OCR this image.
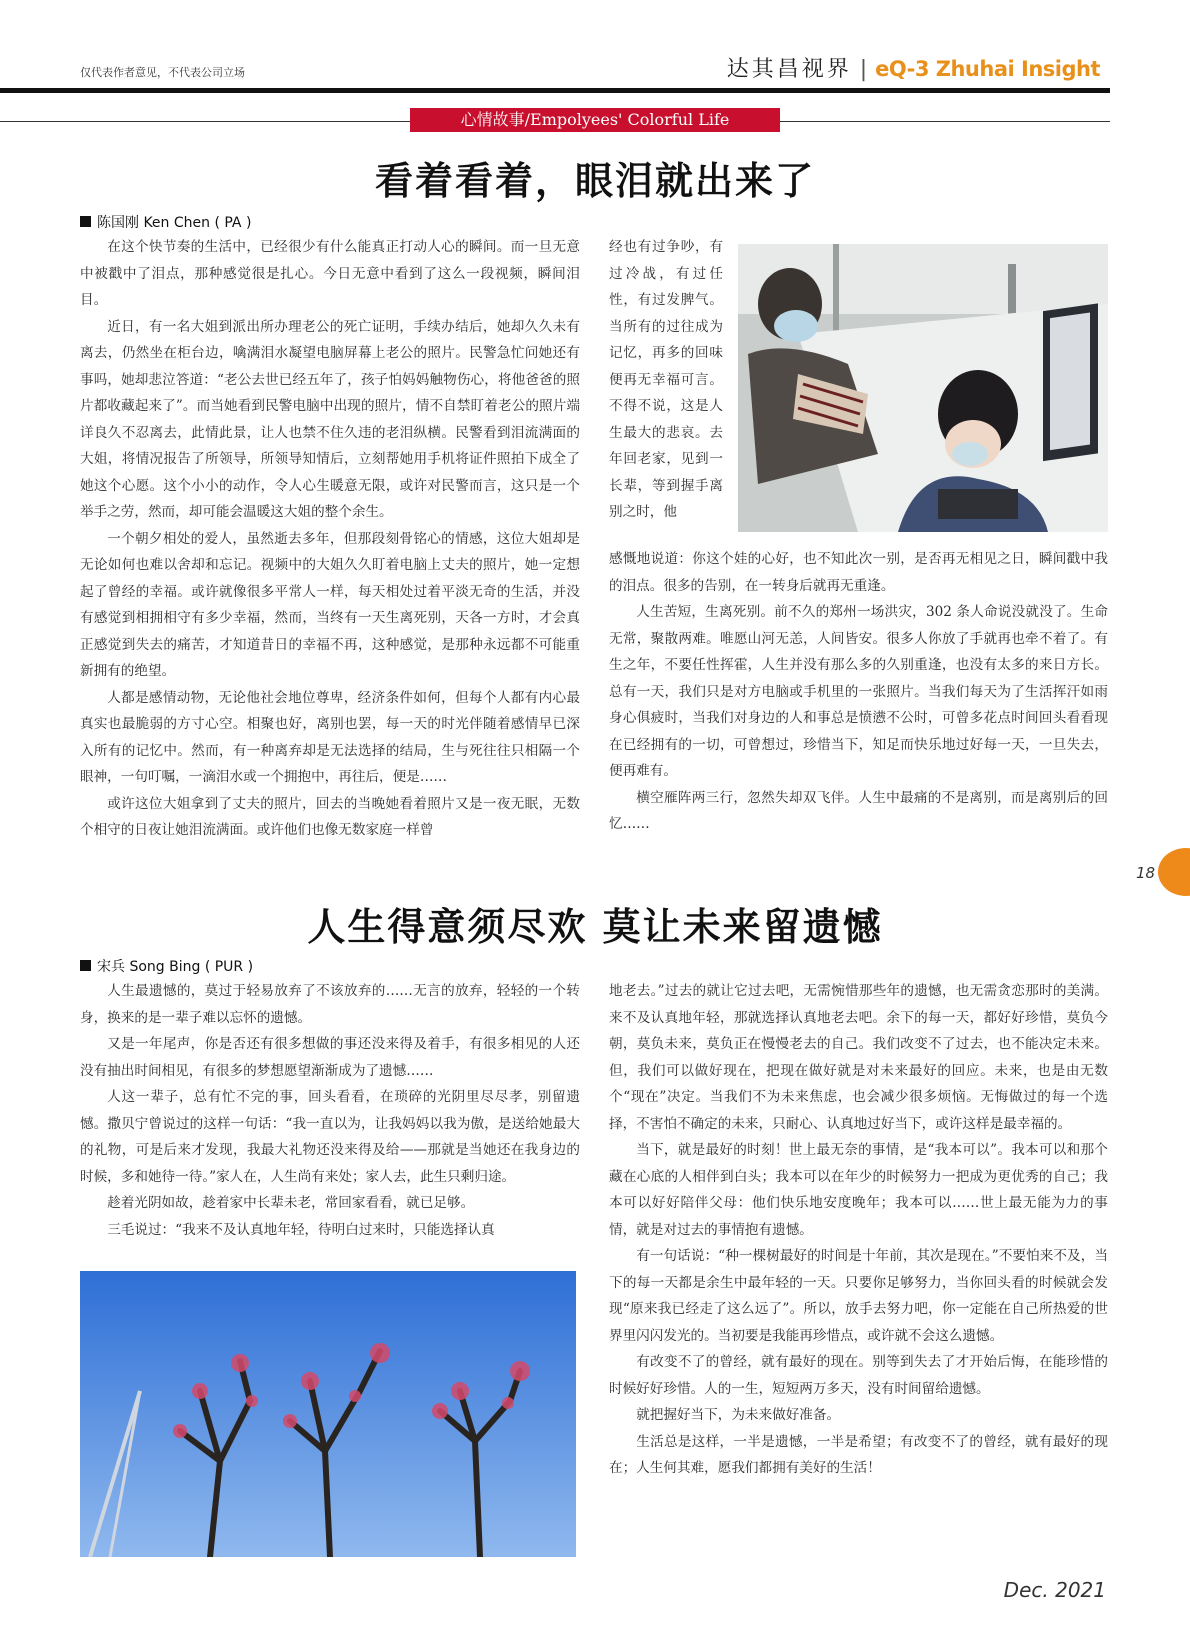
仅代表作者意见，不代表公司立场	达其昌视界 | eQ-3 Zhuhai Insight
心情故事/Empolyees' Colorful Life
看着看着，眼泪就出来了
陈国刚 Ken Chen ( PA )

在这个快节奏的生活中，已经很少有什么能真正打动人心的瞬间。而一旦无意中被戳中了泪点，那种感觉很是扎心。今日无意中看到了这么一段视频，瞬间泪目。

近日，有一名大姐到派出所办理老公的死亡证明，手续办结后，她却久久未有离去，仍然坐在柜台边，噙满泪水凝望电脑屏幕上老公的照片。民警急忙问她还有事吗，她却悲泣答道：“老公去世已经五年了，孩子怕妈妈触物伤心，将他爸爸的照片都收藏起来了”。而当她看到民警电脑中出现的照片，情不自禁盯着老公的照片端详良久不忍离去，此情此景，让人也禁不住久违的老泪纵横。民警看到泪流满面的大姐，将情况报告了所领导，所领导知情后，立刻帮她用手机将证件照拍下成全了她这个心愿。这个小小的动作，令人心生暖意无限，或许对民警而言，这只是一个举手之劳，然而，却可能会温暖这大姐的整个余生。

一个朝夕相处的爱人，虽然逝去多年，但那段刻骨铭心的情感，这位大姐却是无论如何也难以舍却和忘记。视频中的大姐久久盯着电脑上丈夫的照片，她一定想起了曾经的幸福。或许就像很多平常人一样，每天相处过着平淡无奇的生活，并没有感觉到相拥相守有多少幸福，然而，当终有一天生离死别，天各一方时，才会真正感觉到失去的痛苦，才知道昔日的幸福不再，这种感觉，是那种永远都不可能重新拥有的绝望。

人都是感情动物，无论他社会地位尊卑，经济条件如何，但每个人都有内心最真实也最脆弱的方寸心空。相聚也好，离别也罢，每一天的时光伴随着感情早已深入所有的记忆中。然而，有一种离弃却是无法选择的结局，生与死往往只相隔一个眼神，一句叮嘱，一滴泪水或一个拥抱中，再往后，便是……

或许这位大姐拿到了丈夫的照片，回去的当晚她看着照片又是一夜无眠，无数个相守的日夜让她泪流满面。或许他们也像无数家庭一样曾

经也有过争吵，有过冷战，有过任性，有过发脾气。当所有的过往成为记忆，再多的回味便再无幸福可言。不得不说，这是人生最大的悲哀。去年回老家，见到一长辈，等到握手离别之时，他

感慨地说道：你这个娃的心好，也不知此次一别，是否再无相见之日，瞬间戳中我的泪点。很多的告别，在一转身后就再无重逢。

人生苦短，生离死别。前不久的郑州一场洪灾，302 条人命说没就没了。生命无常，聚散两难。唯愿山河无恙，人间皆安。很多人你放了手就再也牵不着了。有生之年，不要任性挥霍，人生并没有那么多的久别重逢，也没有太多的来日方长。总有一天，我们只是对方电脑或手机里的一张照片。当我们每天为了生活挥汗如雨身心俱疲时，当我们对身边的人和事总是愤懑不公时，可曾多花点时间回头看看现在已经拥有的一切，可曾想过，珍惜当下，知足而快乐地过好每一天，一旦失去，便再难有。

横空雁阵两三行，忽然失却双飞伴。人生中最痛的不是离别，而是离别后的回忆……

18
人生得意须尽欢 莫让未来留遗憾
宋兵 Song Bing ( PUR )

人生最遗憾的，莫过于轻易放弃了不该放弃的……无言的放弃，轻轻的一个转身，换来的是一辈子难以忘怀的遗憾。

又是一年尾声，你是否还有很多想做的事还没来得及着手，有很多相见的人还没有抽出时间相见，有很多的梦想愿望渐渐成为了遗憾……

人这一辈子，总有忙不完的事，回头看看，在琐碎的光阴里尽尽孝，别留遗憾。撒贝宁曾说过的这样一句话：“我一直以为，让我妈妈以我为傲，是送给她最大的礼物，可是后来才发现，我最大礼物还没来得及给——那就是当她还在我身边的时候，多和她待一待。”家人在，人生尚有来处；家人去，此生只剩归途。

趁着光阴如故，趁着家中长辈未老，常回家看看，就已足够。

三毛说过：“我来不及认真地年轻，待明白过来时，只能选择认真

地老去。”过去的就让它过去吧，无需惋惜那些年的遗憾，也无需贪恋那时的美满。来不及认真地年轻，那就选择认真地老去吧。余下的每一天，都好好珍惜，莫负今朝，莫负未来，莫负正在慢慢老去的自己。我们改变不了过去，也不能决定未来。但，我们可以做好现在，把现在做好就是对未来最好的回应。未来，也是由无数个“现在”决定。当我们不为未来焦虑，也会减少很多烦恼。无悔做过的每一个选择，不害怕不确定的未来，只耐心、认真地过好当下，或许这样是最幸福的。

当下，就是最好的时刻！世上最无奈的事情，是“我本可以”。我本可以和那个藏在心底的人相伴到白头；我本可以在年少的时候努力一把成为更优秀的自己；我本可以好好陪伴父母：他们快乐地安度晚年；我本可以……世上最无能为力的事情，就是对过去的事情抱有遗憾。

有一句话说：“种一棵树最好的时间是十年前，其次是现在。”不要怕来不及，当下的每一天都是余生中最年轻的一天。只要你足够努力，当你回头看的时候就会发现“原来我已经走了这么远了”。所以，放手去努力吧，你一定能在自己所热爱的世界里闪闪发光的。当初要是我能再珍惜点，或许就不会这么遗憾。

有改变不了的曾经，就有最好的现在。别等到失去了才开始后悔，在能珍惜的时候好好珍惜。人的一生，短短两万多天，没有时间留给遗憾。

就把握好当下，为未来做好准备。

生活总是这样，一半是遗憾，一半是希望；有改变不了的曾经，就有最好的现在；人生何其难，愿我们都拥有美好的生活！

Dec. 2021
